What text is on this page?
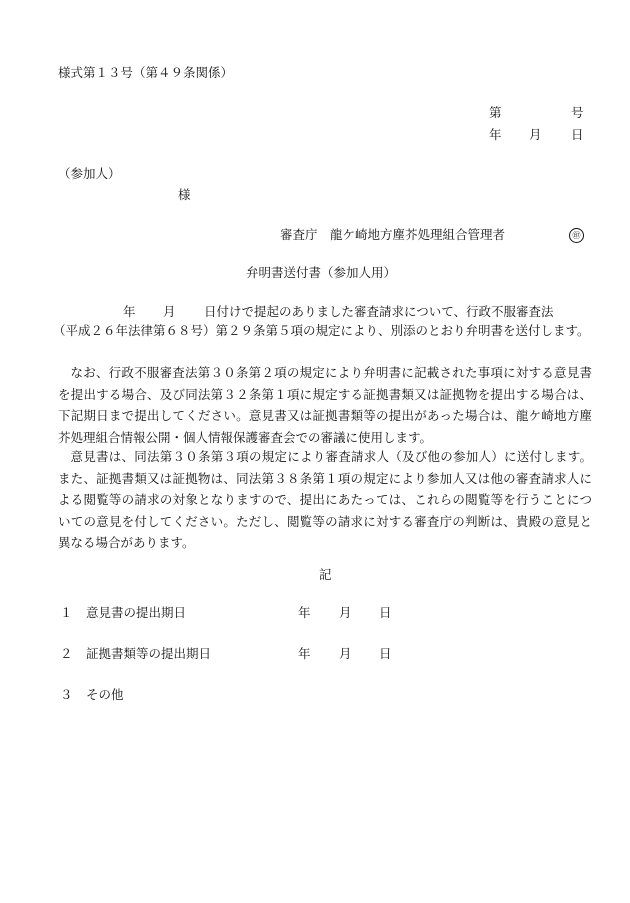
様式第１３号（第４９条関係）
第	号
年 月 日
（参加人）
様
審査庁　龍ケ崎地方塵芥処理組合管理者	㊞
弁明書送付書（参加人用）
年 月 日付けで提起のありました審査請求について、行政不服審査法
（平成２６年法律第６８号）第２９条第５項の規定により、別添のとおり弁明書を送付します。
なお、行政不服審査法第３０条第２項の規定により弁明書に記載された事項に対する意見書を提出する場合、及び同法第３２条第１項に規定する証拠書類又は証拠物を提出する場合は、下記期日まで提出してください。意見書又は証拠書類等の提出があった場合は、龍ケ崎地方塵芥処理組合情報公開・個人情報保護審査会での審議に使用します。
意見書は、同法第３０条第３項の規定により審査請求人（及び他の参加人）に送付します。また、証拠書類又は証拠物は、同法第３８条第１項の規定により参加人又は他の審査請求人による閲覧等の請求の対象となりますので、提出にあたっては、これらの閲覧等を行うことについての意見を付してください。ただし、閲覧等の請求に対する審査庁の判断は、貴殿の意見と異なる場合があります。
記
１ 意見書の提出期日	年 月 日
２ 証拠書類等の提出期日	年 月 日
３ その他
